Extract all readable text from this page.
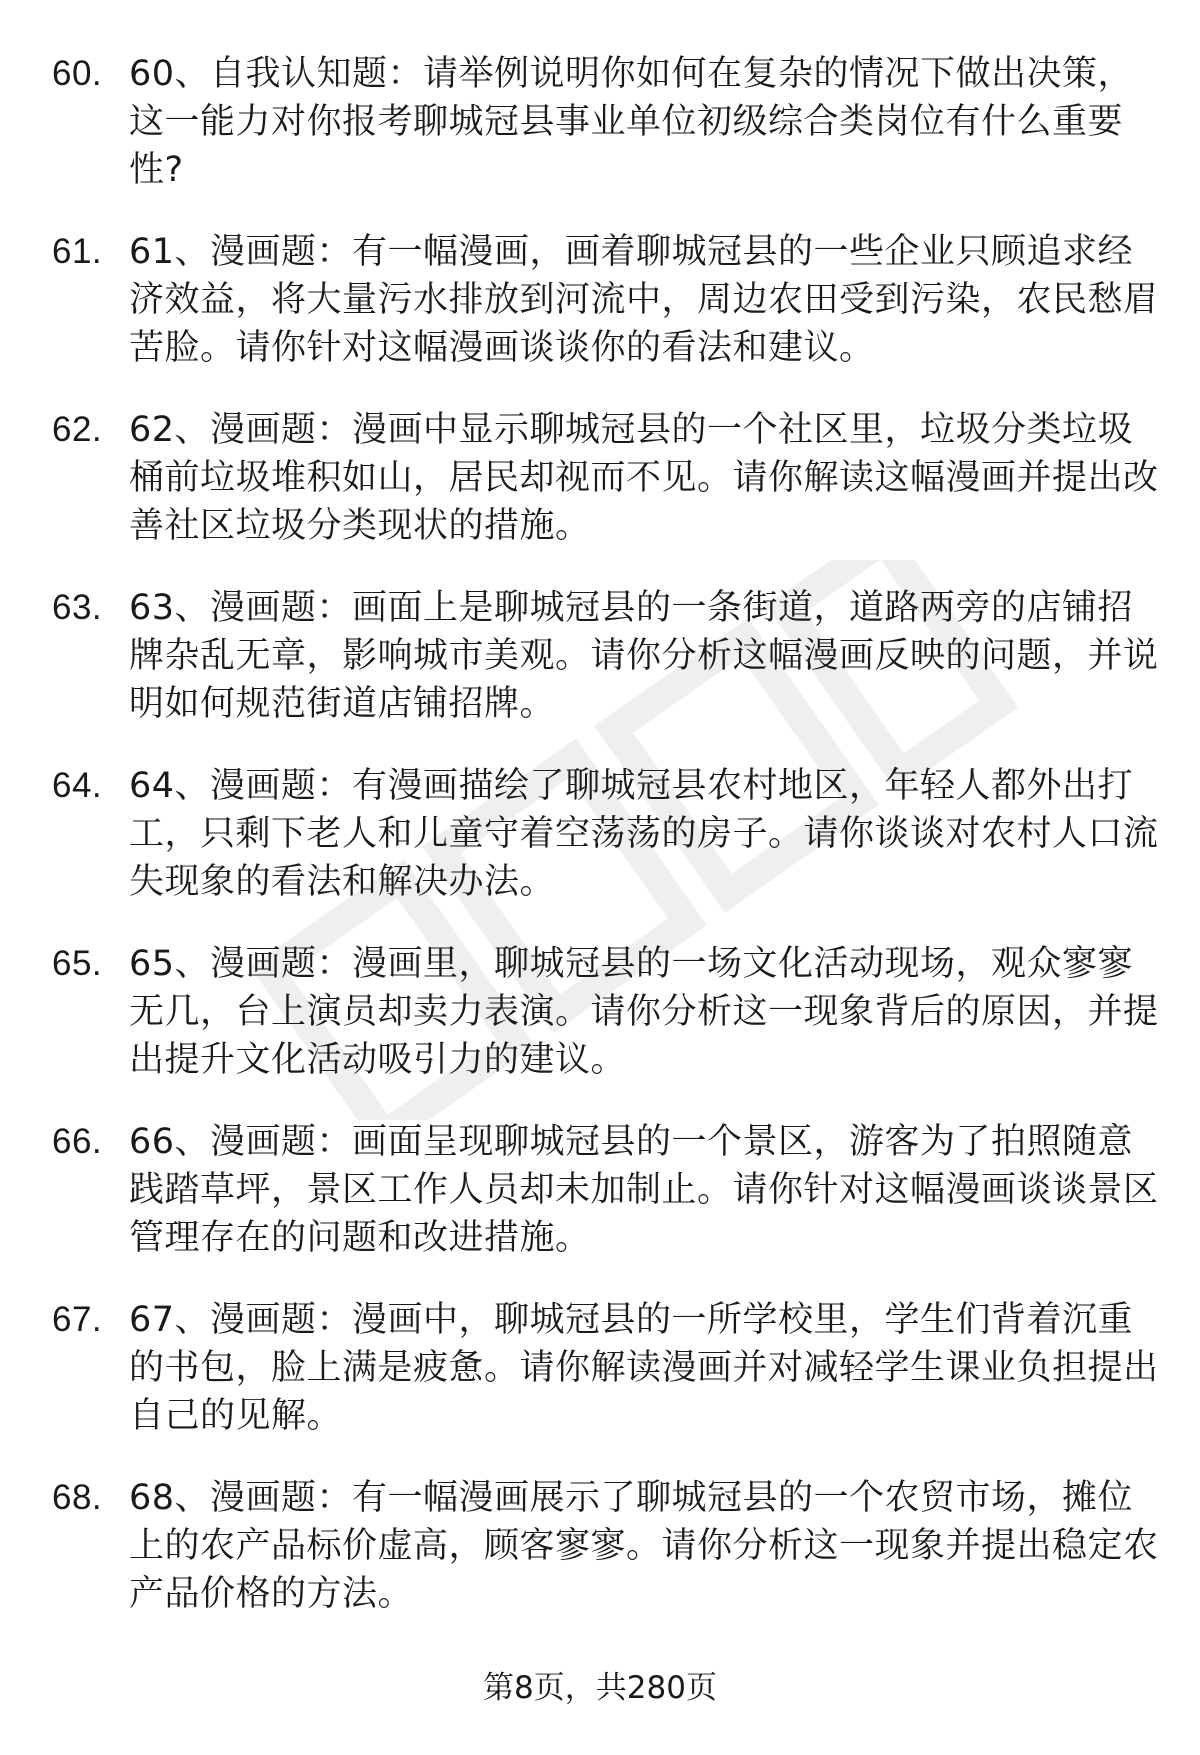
60. 60、自我认知题：请举例说明你如何在复杂的情况下做出决策，这一能力对你报考聊城冠县事业单位初级综合类岗位有什么重要性?
61. 61、漫画题：有一幅漫画，画着聊城冠县的一些企业只顾追求经济效益，将大量污水排放到河流中，周边农田受到污染，农民愁眉苦脸。请你针对这幅漫画谈谈你的看法和建议。
62. 62、漫画题：漫画中显示聊城冠县的一个社区里，垃圾分类垃圾桶前垃圾堆积如山，居民却视而不见。请你解读这幅漫画并提出改善社区垃圾分类现状的措施。
63. 63、漫画题：画面上是聊城冠县的一条街道，道路两旁的店铺招牌杂乱无章，影响城市美观。请你分析这幅漫画反映的问题，并说明如何规范街道店铺招牌。
64. 64、漫画题：有漫画描绘了聊城冠县农村地区，年轻人都外出打工，只剩下老人和儿童守着空荡荡的房子。请你谈谈对农村人口流失现象的看法和解决办法。
65. 65、漫画题：漫画里，聊城冠县的一场文化活动现场，观众寥寥无几，台上演员却卖力表演。请你分析这一现象背后的原因，并提出提升文化活动吸引力的建议。
66. 66、漫画题：画面呈现聊城冠县的一个景区，游客为了拍照随意践踏草坪，景区工作人员却未加制止。请你针对这幅漫画谈谈景区管理存在的问题和改进措施。
67. 67、漫画题：漫画中，聊城冠县的一所学校里，学生们背着沉重的书包，脸上满是疲惫。请你解读漫画并对减轻学生课业负担提出自己的见解。
68. 68、漫画题：有一幅漫画展示了聊城冠县的一个农贸市场，摊位上的农产品标价虚高，顾客寥寥。请你分析这一现象并提出稳定农产品价格的方法。
第8页，共280页
